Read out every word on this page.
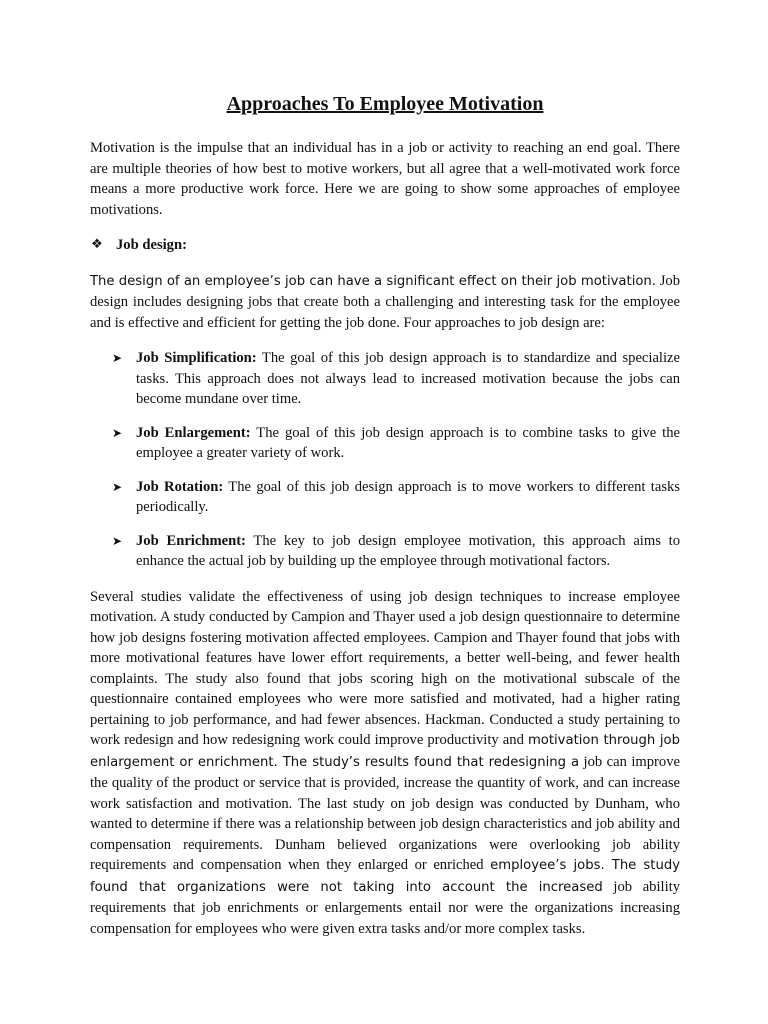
Approaches To Employee Motivation

Motivation is the impulse that an individual has in a job or activity to reaching an end goal. There are multiple theories of how best to motive workers, but all agree that a well-motivated work force means a more productive work force. Here we are going to show some approaches of employee motivations.

❖ Job design:

The design of an employee’s job can have a significant effect on their job motivation. Job design includes designing jobs that create both a challenging and interesting task for the employee and is effective and efficient for getting the job done. Four approaches to job design are:

➤ Job Simplification: The goal of this job design approach is to standardize and specialize tasks. This approach does not always lead to increased motivation because the jobs can become mundane over time.
➤ Job Enlargement: The goal of this job design approach is to combine tasks to give the employee a greater variety of work.
➤ Job Rotation: The goal of this job design approach is to move workers to different tasks periodically.
➤ Job Enrichment: The key to job design employee motivation, this approach aims to enhance the actual job by building up the employee through motivational factors.

Several studies validate the effectiveness of using job design techniques to increase employee motivation. A study conducted by Campion and Thayer used a job design questionnaire to determine how job designs fostering motivation affected employees. Campion and Thayer found that jobs with more motivational features have lower effort requirements, a better well-being, and fewer health complaints. The study also found that jobs scoring high on the motivational subscale of the questionnaire contained employees who were more satisfied and motivated, had a higher rating pertaining to job performance, and had fewer absences. Hackman. Conducted a study pertaining to work redesign and how redesigning work could improve productivity and motivation through job enlargement or enrichment. The study’s results found that redesigning a job can improve the quality of the product or service that is provided, increase the quantity of work, and can increase work satisfaction and motivation. The last study on job design was conducted by Dunham, who wanted to determine if there was a relationship between job design characteristics and job ability and compensation requirements. Dunham believed organizations were overlooking job ability requirements and compensation when they enlarged or enriched employee’s jobs. The study found that organizations were not taking into account the increased job ability requirements that job enrichments or enlargements entail nor were the organizations increasing compensation for employees who were given extra tasks and/or more complex tasks.
